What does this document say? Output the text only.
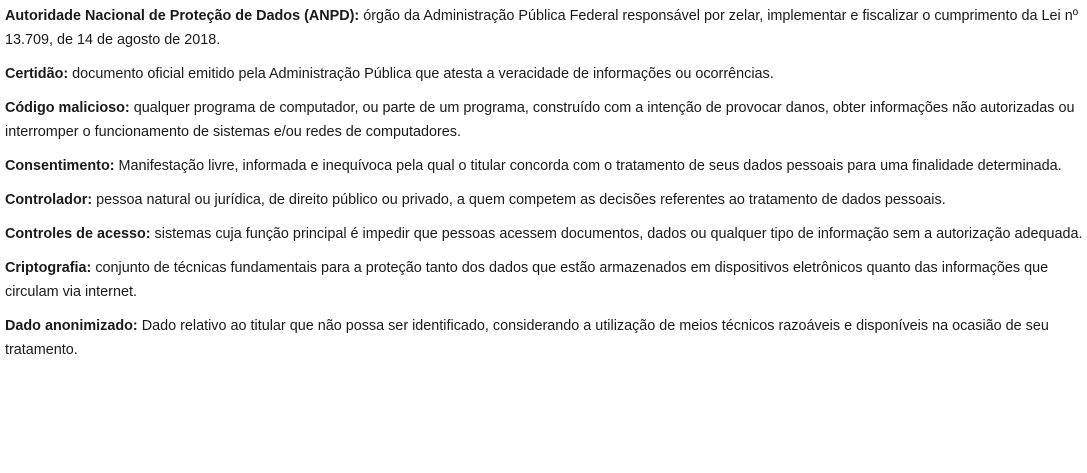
Autoridade Nacional de Proteção de Dados (ANPD): órgão da Administração Pública Federal responsável por zelar, implementar e fiscalizar o cumprimento da Lei nº 13.709, de 14 de agosto de 2018.

Certidão: documento oficial emitido pela Administração Pública que atesta a veracidade de informações ou ocorrências.

Código malicioso: qualquer programa de computador, ou parte de um programa, construído com a intenção de provocar danos, obter informações não autorizadas ou interromper o funcionamento de sistemas e/ou redes de computadores.

Consentimento: Manifestação livre, informada e inequívoca pela qual o titular concorda com o tratamento de seus dados pessoais para uma finalidade determinada.

Controlador: pessoa natural ou jurídica, de direito público ou privado, a quem competem as decisões referentes ao tratamento de dados pessoais.

Controles de acesso: sistemas cuja função principal é impedir que pessoas acessem documentos, dados ou qualquer tipo de informação sem a autorização adequada.

Criptografia: conjunto de técnicas fundamentais para a proteção tanto dos dados que estão armazenados em dispositivos eletrônicos quanto das informações que circulam via internet.

Dado anonimizado: Dado relativo ao titular que não possa ser identificado, considerando a utilização de meios técnicos razoáveis e disponíveis na ocasião de seu tratamento.
